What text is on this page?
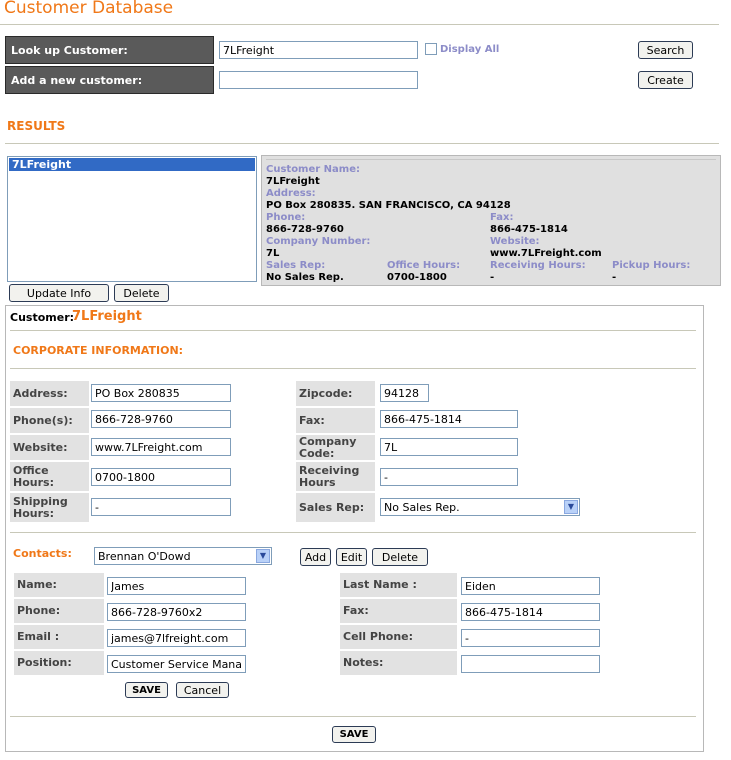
Customer Database
Look up Customer:
7LFreight	Display All	Search
Add a new customer:	Create
RESULTS
7LFreight
Update Info	Delete
Customer Name:
7LFreight
Address:
PO Box 280835. SAN FRANCISCO, CA 94128
Phone:
866-728-9760
Fax:
866-475-1814
Company Number:
7L
Website:
www.7LFreight.com
Sales Rep:
No Sales Rep.
Office Hours:
0700-1800
Receiving Hours:
-
Pickup Hours:
-
Customer:
7LFreight
CORPORATE INFORMATION:
Address:
PO Box 280835
Phone(s):
866-728-9760
Website:
www.7LFreight.com
Office Hours:
0700-1800
Shipping Hours:
-
Zipcode:
94128
Fax:
866-475-1814
Company Code:
7L
Receiving Hours
-
Sales Rep:	No Sales Rep.	▼
Contacts:	Brennan O'Dowd	▼	Add	Edit	Delete
Name:
James
Phone:
866-728-9760x2
Email :
james@7lfreight.com
Position:
Customer Service Mana
Last Name :
Eiden
Fax:
866-475-1814
Cell Phone:
-
Notes:
SAVE	Cancel
SAVE
